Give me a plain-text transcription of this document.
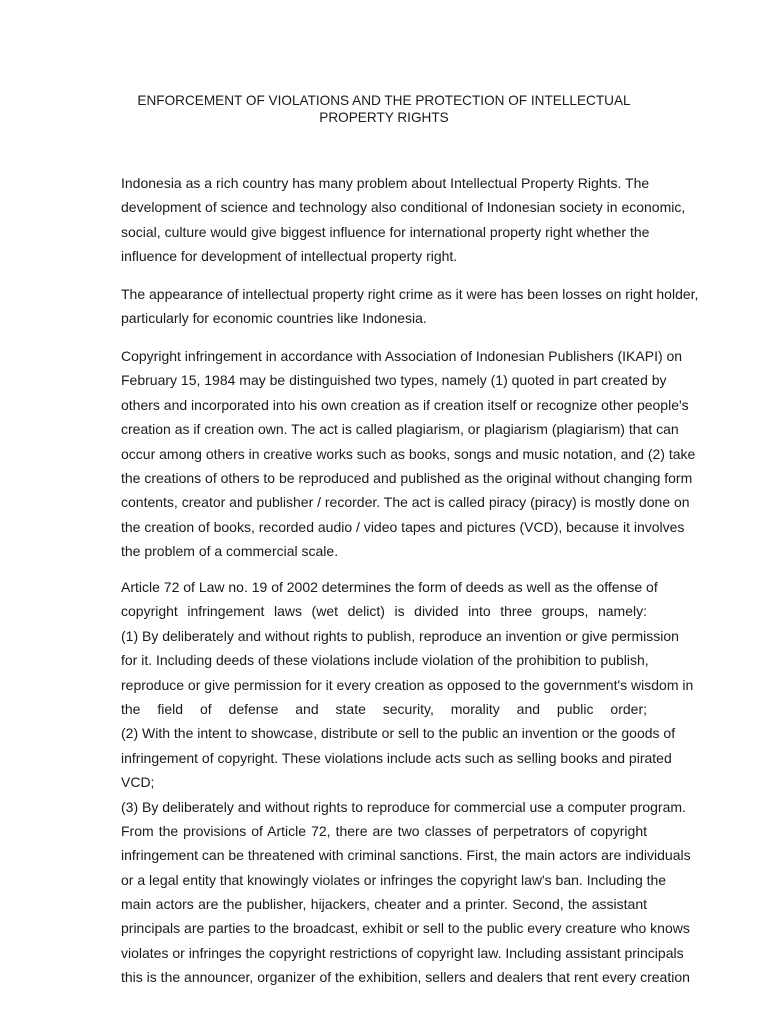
ENFORCEMENT OF VIOLATIONS AND THE PROTECTION OF INTELLECTUAL
PROPERTY RIGHTS
Indonesia as a rich country has many problem about Intellectual Property Rights. The
development of science and technology also conditional of Indonesian society in economic,
social, culture would give biggest influence for international property right whether the
influence for development of intellectual property right.
The appearance of intellectual property right crime as it were has been losses on right holder,
particularly for economic countries like Indonesia.
Copyright infringement in accordance with Association of Indonesian Publishers (IKAPI) on
February 15, 1984 may be distinguished two types, namely (1) quoted in part created by
others and incorporated into his own creation as if creation itself or recognize other people's
creation as if creation own. The act is called plagiarism, or plagiarism (plagiarism) that can
occur among others in creative works such as books, songs and music notation, and (2) take
the creations of others to be reproduced and published as the original without changing form
contents, creator and publisher / recorder. The act is called piracy (piracy) is mostly done on
the creation of books, recorded audio / video tapes and pictures (VCD), because it involves
the problem of a commercial scale.
Article 72 of Law no. 19 of 2002 determines the form of deeds as well as the offense of
copyright infringement laws (wet delict) is divided into three groups, namely:
(1) By deliberately and without rights to publish, reproduce an invention or give permission
for it. Including deeds of these violations include violation of the prohibition to publish,
reproduce or give permission for it every creation as opposed to the government's wisdom in
the field of defense and state security, morality and public order;
(2) With the intent to showcase, distribute or sell to the public an invention or the goods of
infringement of copyright. These violations include acts such as selling books and pirated
VCD;
(3) By deliberately and without rights to reproduce for commercial use a computer program.
From the provisions of Article 72, there are two classes of perpetrators of copyright
infringement can be threatened with criminal sanctions. First, the main actors are individuals
or a legal entity that knowingly violates or infringes the copyright law's ban. Including the
main actors are the publisher, hijackers, cheater and a printer. Second, the assistant
principals are parties to the broadcast, exhibit or sell to the public every creature who knows
violates or infringes the copyright restrictions of copyright law. Including assistant principals
this is the announcer, organizer of the exhibition, sellers and dealers that rent every creation
